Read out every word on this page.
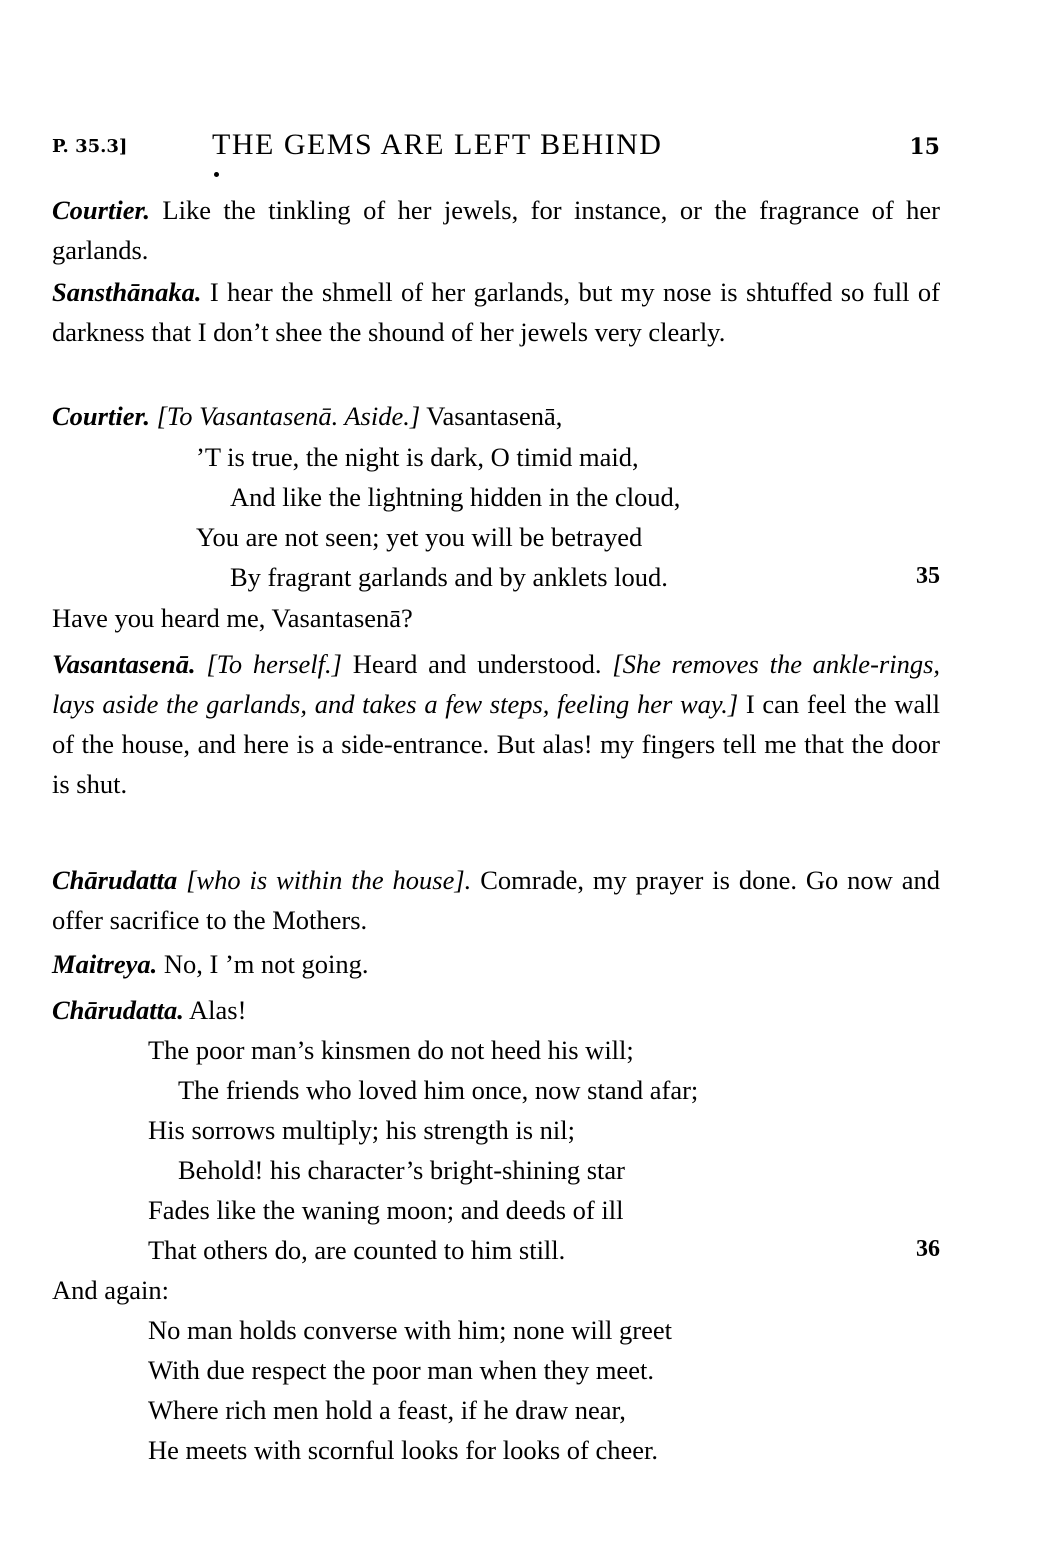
P. 35.3]	THE GEMS ARE LEFT BEHIND	15
Courtier. Like the tinkling of her jewels, for instance, or the fragrance of her garlands.
Sansthānaka. I hear the shmell of her garlands, but my nose is shtuffed so full of darkness that I don’t shee the shound of her jewels very clearly.
Courtier. [To Vasantasenā. Aside.] Vasantasenā,
’T is true, the night is dark, O timid maid,
And like the lightning hidden in the cloud,
You are not seen; yet you will be betrayed
By fragrant garlands and by anklets loud.	35
Have you heard me, Vasantasenā?
Vasantasenā. [To herself.] Heard and understood. [She removes the ankle-rings, lays aside the garlands, and takes a few steps, feeling her way.] I can feel the wall of the house, and here is a side-entrance. But alas! my fingers tell me that the door is shut.
Chārudatta [who is within the house]. Comrade, my prayer is done. Go now and offer sacrifice to the Mothers.
Maitreya. No, I ’m not going.
Chārudatta. Alas!
The poor man’s kinsmen do not heed his will;
The friends who loved him once, now stand afar;
His sorrows multiply; his strength is nil;
Behold! his character’s bright-shining star
Fades like the waning moon; and deeds of ill
That others do, are counted to him still.	36
And again:
No man holds converse with him; none will greet
With due respect the poor man when they meet.
Where rich men hold a feast, if he draw near,
He meets with scornful looks for looks of cheer.
